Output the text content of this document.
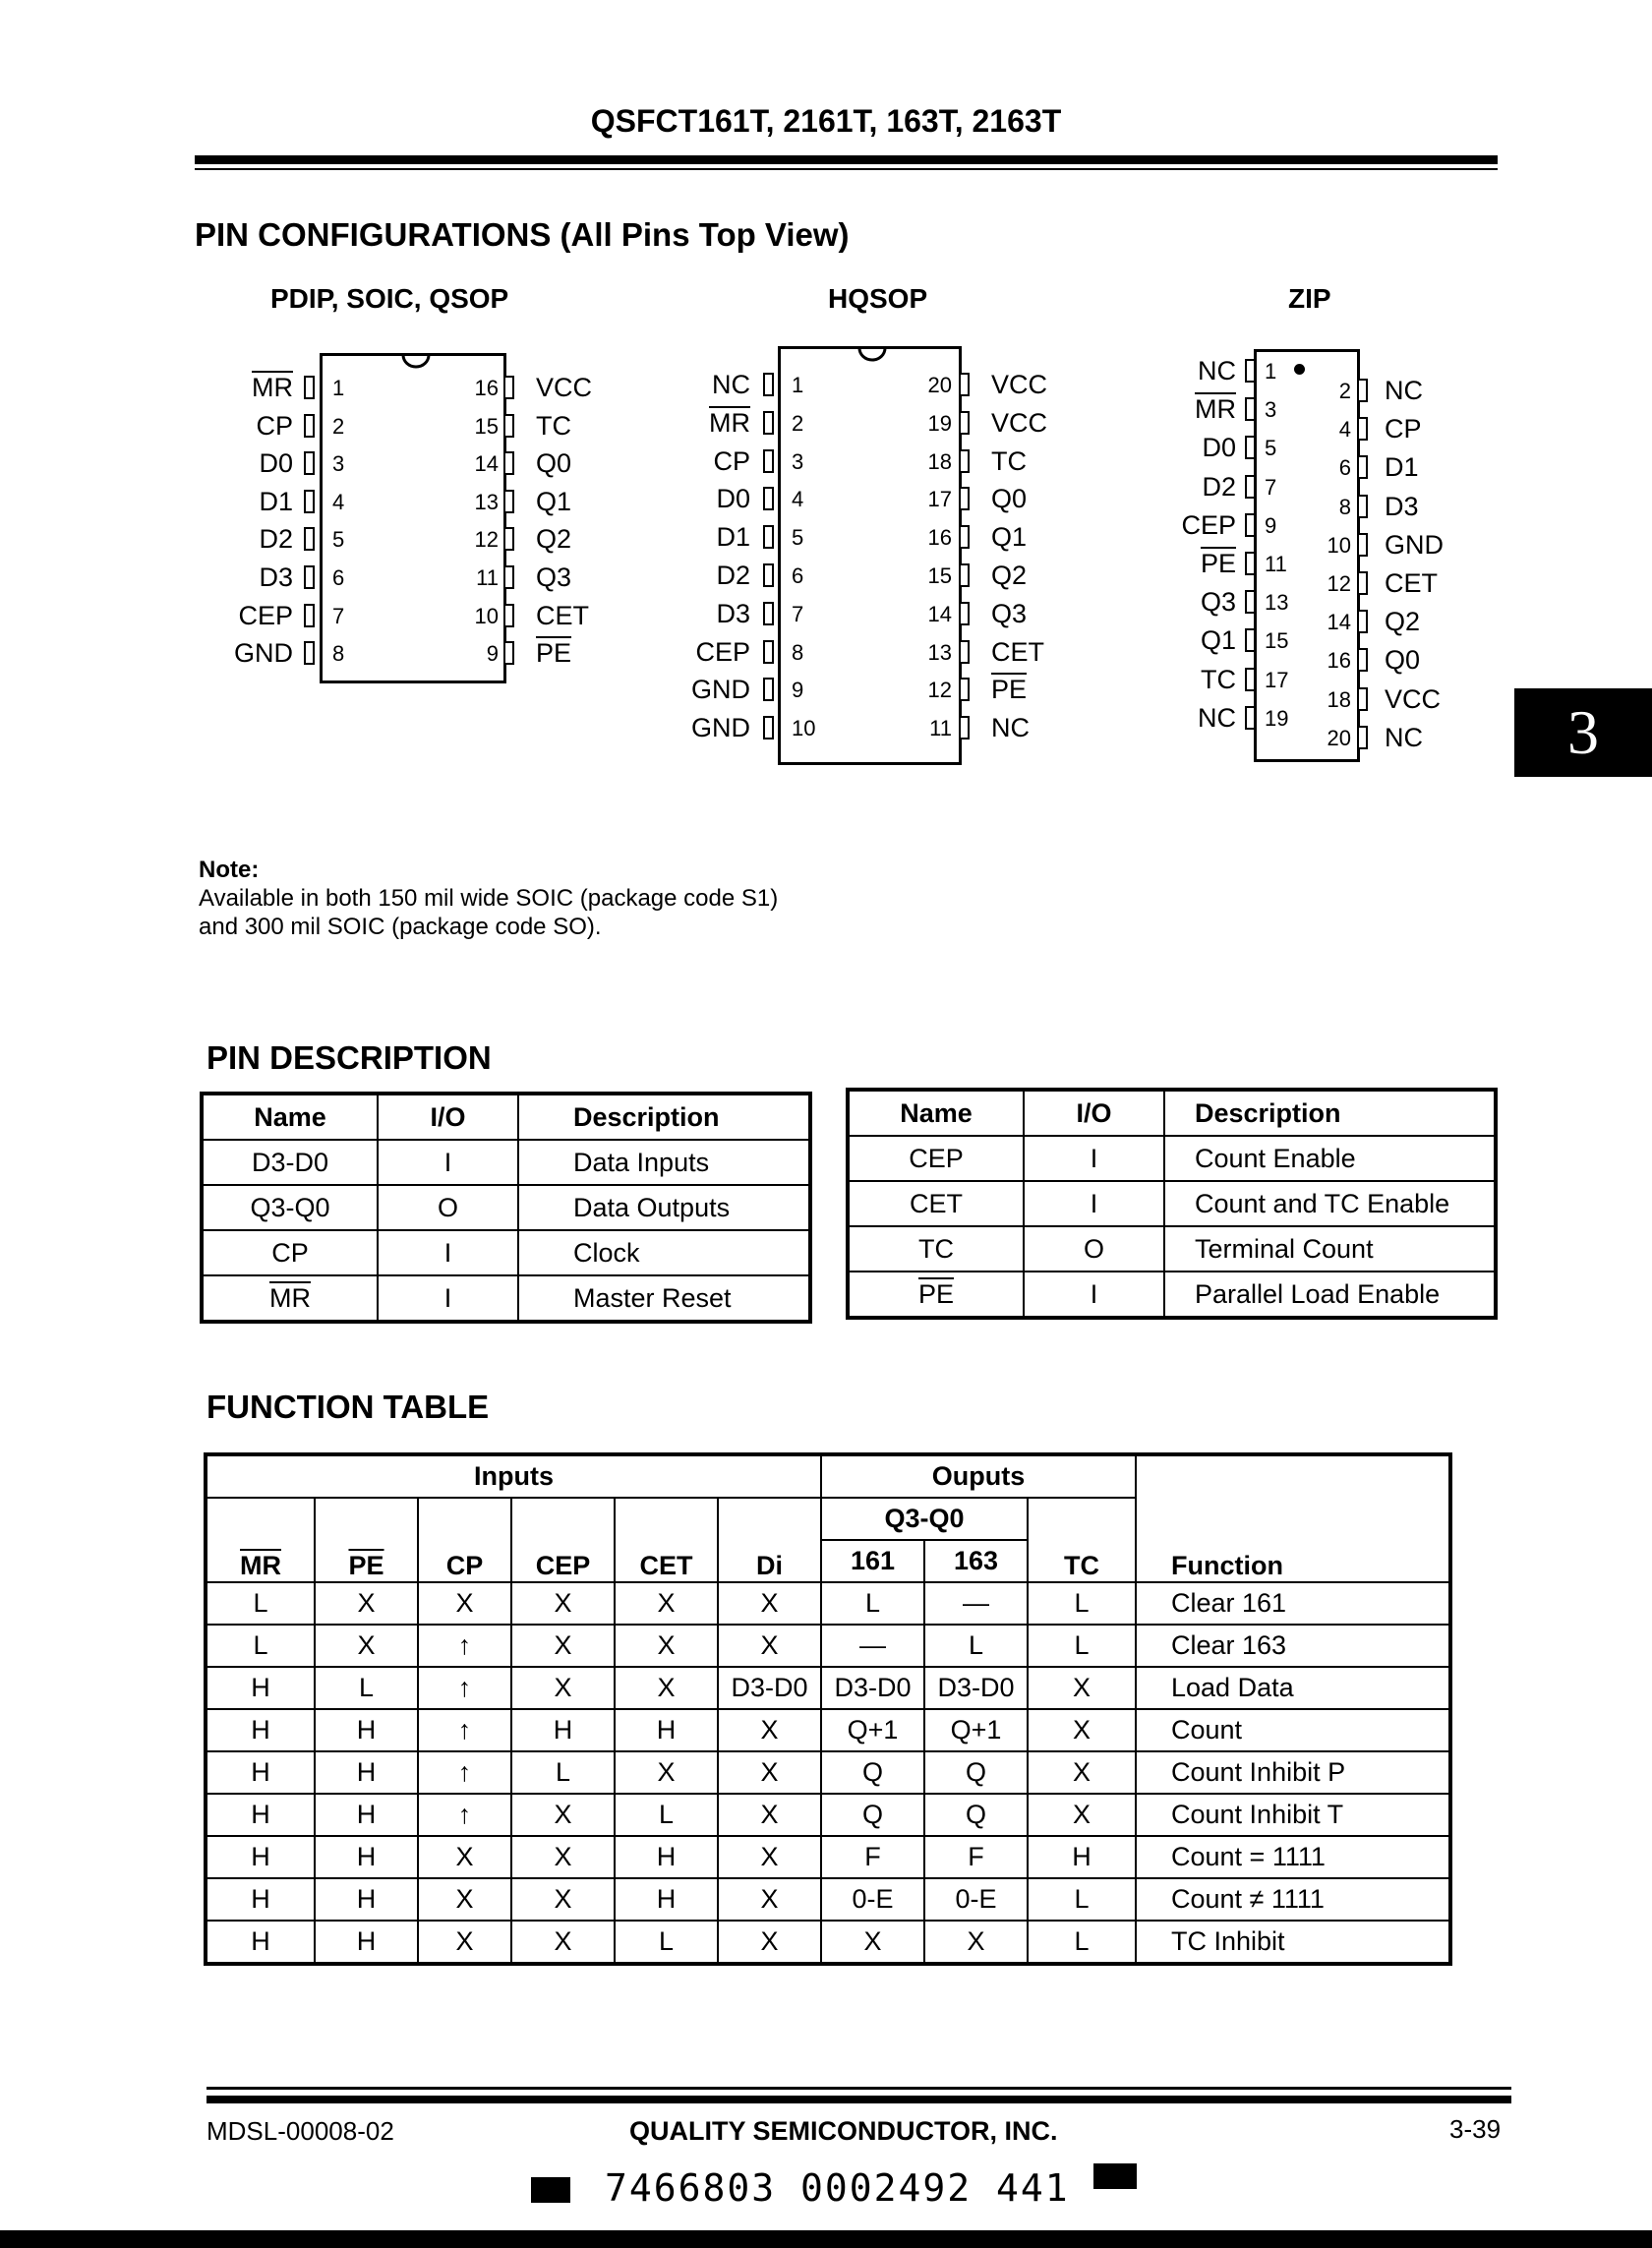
QSFCT161T, 2161T, 163T, 2163T
PIN CONFIGURATIONS (All Pins Top View)
PDIP, SOIC, QSOP	HQSOP	ZIP
$\overline{MR}$ 1
CP 2
D0 3
D1 4
D2 5
D3 6
CEP 7
GND 8
16 VCC
15 TC
14 Q0
13 Q1
12 Q2
11 Q3
10 CET
9 $\overline{PE}$
NC 1
$\overline{MR}$ 2
CP 3
D0 4
D1 5
D2 6
D3 7
CEP 8
GND 9
GND 10
20 VCC
19 VCC
18 TC
17 Q0
16 Q1
15 Q2
14 Q3
13 CET
12 $\overline{PE}$
11 NC
NC 1
$\overline{MR}$ 3
D0 5
D2 7
CEP 9
$\overline{PE}$ 11
Q3 13
Q1 15
TC 17
NC 19
2 NC
4 CP
6 D1
8 D3
10 GND
12 CET
14 Q2
16 Q0
18 VCC
20 NC	3
Note:
Available in both 150 mil wide SOIC (package code S1)
and 300 mil SOIC (package code SO).
PIN DESCRIPTION
Name	I/O	Description
D3-D0	I	Data Inputs
Q3-Q0	O	Data Outputs
CP	I	Clock
$\overline{MR}$	I	Master Reset
Name	I/O	Description
CEP	I	Count Enable
CET	I	Count and TC Enable
TC	O	Terminal Count
$\overline{PE}$	I	Parallel Load Enable
FUNCTION TABLE
Inputs						Ouputs			Function
$\overline{MR}$	$\overline{PE}$	CP	CEP	CET	Di	Q3-Q0		TC	
						161	163		
L	X	X	X	X	X	L	—	L	Clear 161
L	X	↑	X	X	X	—	L	L	Clear 163
H	L	↑	X	X	D3-D0	D3-D0	D3-D0	X	Load Data
H	H	↑	H	H	X	Q+1	Q+1	X	Count
H	H	↑	L	X	X	Q	Q	X	Count Inhibit P
H	H	↑	X	L	X	Q	Q	X	Count Inhibit T
H	H	X	X	H	X	F	F	H	Count = 1111
H	H	X	X	H	X	0-E	0-E	L	Count ≠ 1111
H	H	X	X	L	X	X	X	L	TC Inhibit
MDSL-00008-02	QUALITY SEMICONDUCTOR, INC.	3-39
7466803 0002492 441
